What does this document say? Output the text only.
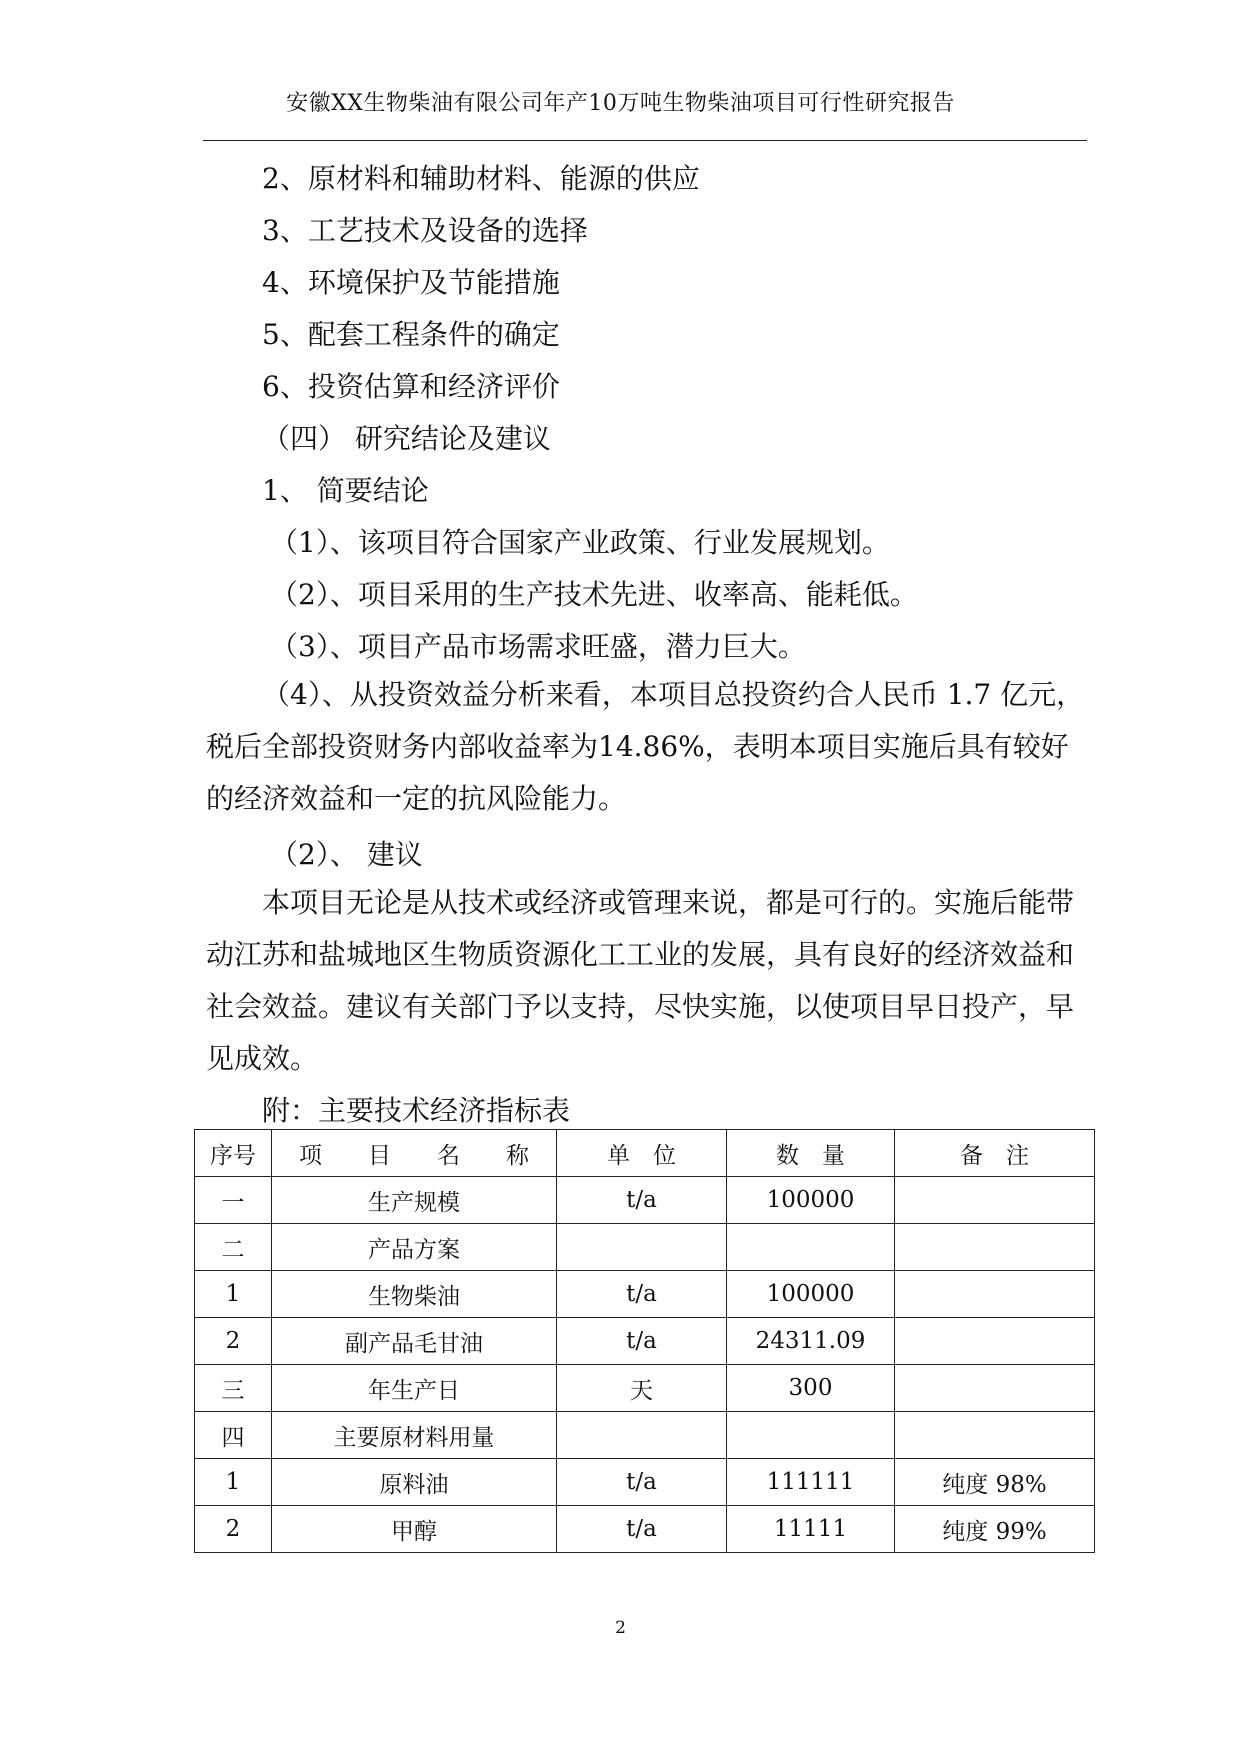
安徽XX生物柴油有限公司年产10万吨生物柴油项目可行性研究报告
2、原材料和辅助材料、能源的供应
3、工艺技术及设备的选择
4、环境保护及节能措施
5、配套工程条件的确定
6、投资估算和经济评价
（四） 研究结论及建议
1、 简要结论
（1）、该项目符合国家产业政策、行业发展规划。
（2）、项目采用的生产技术先进、收率高、能耗低。
（3）、项目产品市场需求旺盛，潜力巨大。

（4）、从投资效益分析来看，本项目总投资约合人民币 1.7 亿元，税后全部投资财务内部收益率为14.86%，表明本项目实施后具有较好的经济效益和一定的抗风险能力。

（2）、 建议

本项目无论是从技术或经济或管理来说，都是可行的。实施后能带动江苏和盐城地区生物质资源化工工业的发展，具有良好的经济效益和社会效益。建议有关部门予以支持，尽快实施，以使项目早日投产，早见成效。

附：主要技术经济指标表
序号	项　　目　　名　　称	单　位	数　量	备　注
一	生产规模	t/a	100000	
二	产品方案			
1	生物柴油	t/a	100000	
2	副产品毛甘油	t/a	24311.09	
三	年生产日	天	300	
四	主要原材料用量			
1	原料油	t/a	111111	纯度 98%
2	甲醇	t/a	11111	纯度 99%
2
